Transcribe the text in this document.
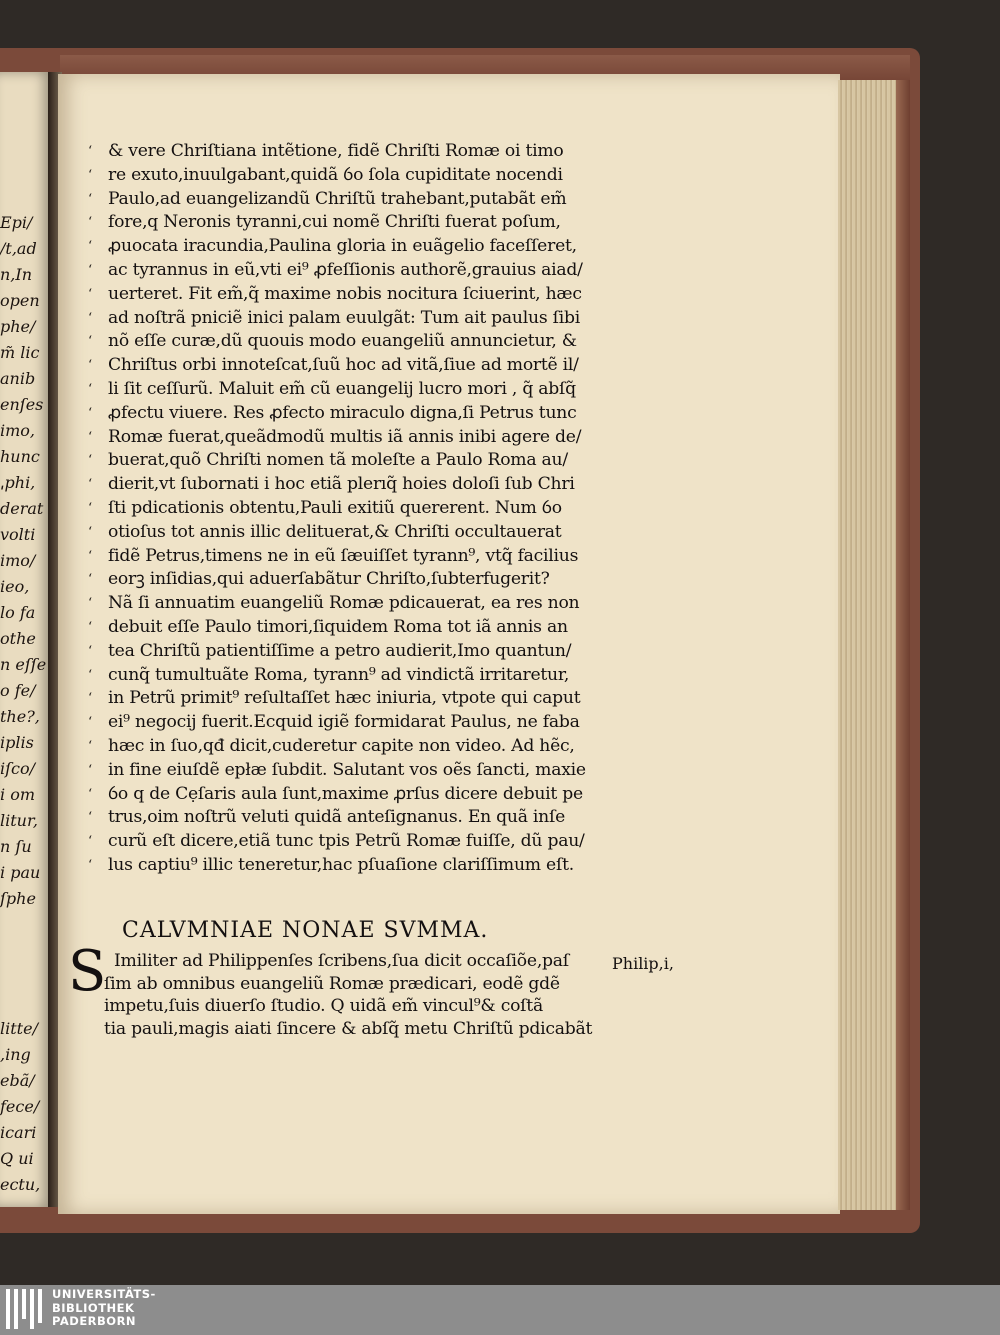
Epi/
/t,ad
n,In
open
phe/
m̃ lic
anib
enſes
imo,
hunc
ˌphi,
derat
volti
imo/
ieo,
lo fa
othe
n eſſe
o fe/
the?,
iplis
iſco/
i om
litur,
n ſu
i pau
ſphe
litte/
,ing
ebã/
fece/
icari
Q ui
ectu,
ʻ & vere Chriſtiana intẽtione, fidẽ Chriſti Romæ oi timo
ʻ re exuto,inuulgabant,quidã ỽo ſola cupiditate nocendi
ʻ Paulo,ad euangelizandũ Chriſtũ trahebant,putabãt em̃
ʻ fore,q Neronis tyranni,cui nomẽ Chriſti fuerat poſum,
ʻ ꝓuocata iracundia,Paulina gloria in euãgelio faceſſeret,
ʻ ac tyrannus in eũ,vti ei⁹ ꝓfeſſionis authorẽ,grauius aiad/
ʻ uerteret. Fit em̃,q̃ maxime nobis nocitura ſciuerint, hæc
ʻ ad noſtrã pniciẽ inici palam euulgãt: Tum ait paulus ſibi
ʻ nõ eſſe curæ,dũ quouis modo euangeliũ annuncietur, &
ʻ Chriſtus orbi innoteſcat,ſuũ hoc ad vitã,ſiue ad mortẽ il/
ʻ li ſit ceſſurũ. Maluit em̃ cũ euangelij lucro mori , q̃ abſq̃
ʻ ꝓfectu viuere. Res ꝓfecto miraculo digna,ſi Petrus tunc
ʻ Romæ fuerat,queãdmodũ multis iã annis inibi agere de/
ʻ buerat,quõ Chriſti nomen tã moleſte a Paulo Roma au/
ʻ dierit,vt ſubornati i hoc etiã plerıq̃ hoies doloſi ſub Chri
ʻ ſti pdicationis obtentu,Pauli exitiũ quererent. Num ỽo
ʻ otioſus tot annis illic delituerat,& Chriſti occultauerat
ʻ fidẽ Petrus,timens ne in eũ ſæuiſſet tyrann⁹, vtq̃ facilius
ʻ eorꝫ inſidias,qui aduerſabãtur Chriſto,ſubterfugerit?
ʻ Nã ſi annuatim euangeliũ Romæ pdicauerat, ea res non
ʻ debuit eſſe Paulo timori,ſiquidem Roma tot iã annis an
ʻ tea Chriſtũ patientiſſime a petro audierit,Imo quantun/
ʻ cunq̃ tumultuãte Roma, tyrann⁹ ad vindictã irritaretur,
ʻ in Petrũ primit⁹ reſultaſſet hæc iniuria, vtpote qui caput
ʻ ei⁹ negocij fuerit.Ecquid igiẽ formidarat Paulus, ne faba
ʻ hæc in ſuo,qđ dicit,cuderetur capite non video. Ad hẽc,
ʻ in fine eiuſdẽ epłæ ſubdit. Salutant vos oẽs ſancti, maxie
ʻ ỽo q de Cẹſaris aula ſunt,maxime ꝓrſus dicere debuit pe
ʻ trus,oim noſtrũ veluti quidã anteſignanus. En quã inſe
ʻ curũ eſt dicere,etiã tunc tpis Petrũ Romæ fuiſſe, dũ pau/
ʻ lus captiu⁹ illic teneretur,hac pſuaſione clariſſimum eſt.
CALVMNIAE NONAE SVMMA.
S Imiliter ad Philippenſes ſcribens,ſua dicit occaſiõe,paſ
ſim ab omnibus euangeliũ Romæ prædicari, eodẽ gdẽ
impetu,ſuis diuerſo ſtudio. Q uidã em̃ vincul⁹& coſtã
tia pauli,magis aiati ſincere & abſq̃ metu Chriſtũ pdicabãt
Philip,i,
UNIVERSITÄTS-
BIBLIOTHEK
PADERBORN
